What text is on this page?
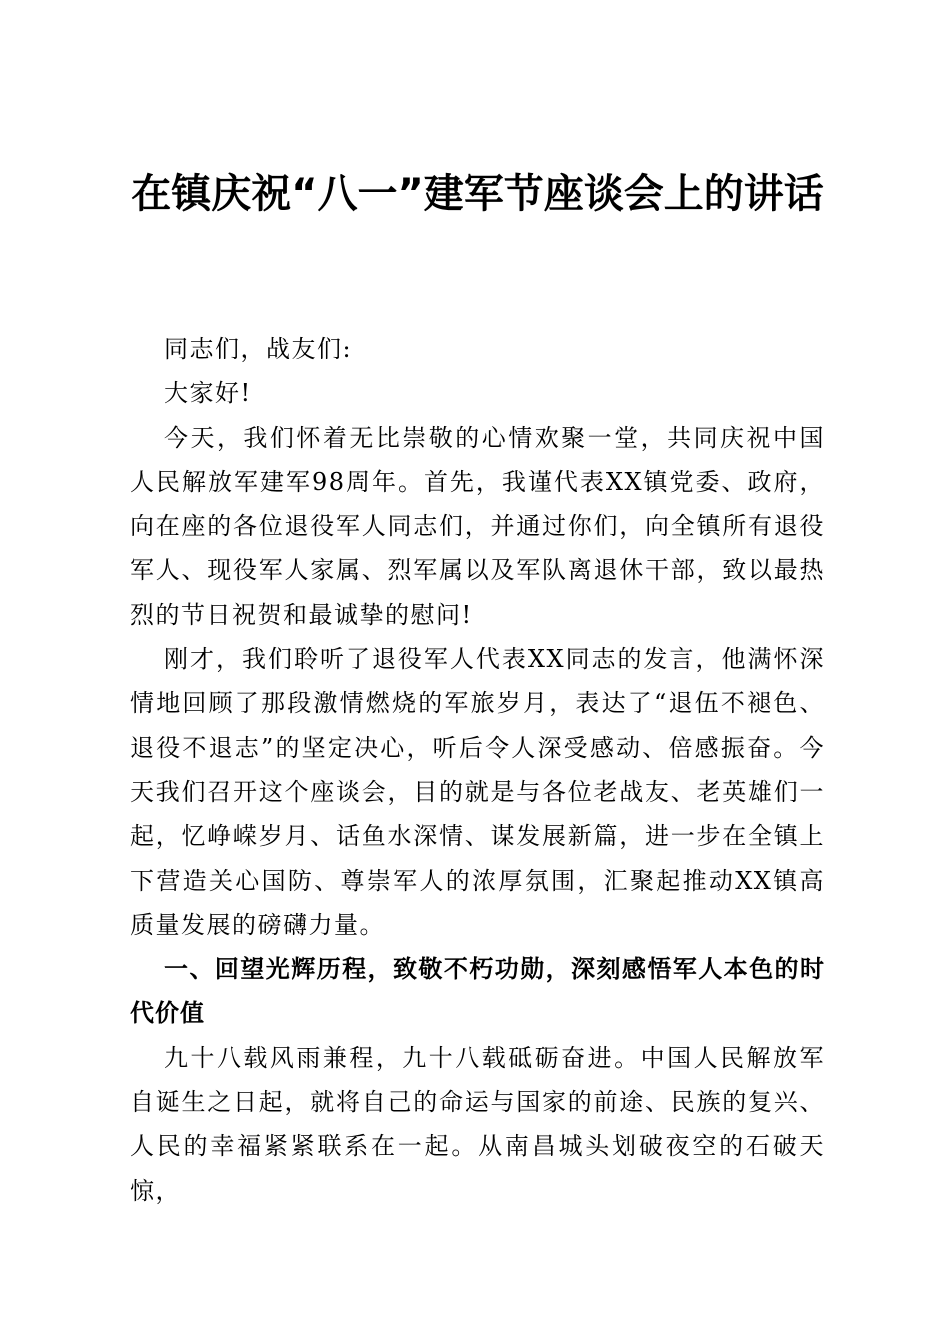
在镇庆祝“八一”建军节座谈会上的讲话

同志们，战友们:

大家好!

今天，我们怀着无比崇敬的心情欢聚一堂，共同庆祝中国人民解放军建军98周年。首先，我谨代表XX镇党委、政府，向在座的各位退役军人同志们，并通过你们，向全镇所有退役军人、现役军人家属、烈军属以及军队离退休干部，致以最热烈的节日祝贺和最诚挚的慰问!

刚才，我们聆听了退役军人代表XX同志的发言，他满怀深情地回顾了那段激情燃烧的军旅岁月，表达了“退伍不褪色、退役不退志”的坚定决心，听后令人深受感动、倍感振奋。今天我们召开这个座谈会，目的就是与各位老战友、老英雄们一起，忆峥嵘岁月、话鱼水深情、谋发展新篇，进一步在全镇上下营造关心国防、尊崇军人的浓厚氛围，汇聚起推动XX镇高质量发展的磅礴力量。

一、回望光辉历程，致敬不朽功勋，深刻感悟军人本色的时代价值

九十八载风雨兼程，九十八载砥砺奋进。中国人民解放军自诞生之日起，就将自己的命运与国家的前途、民族的复兴、人民的幸福紧紧联系在一起。从南昌城头划破夜空的石破天惊，
